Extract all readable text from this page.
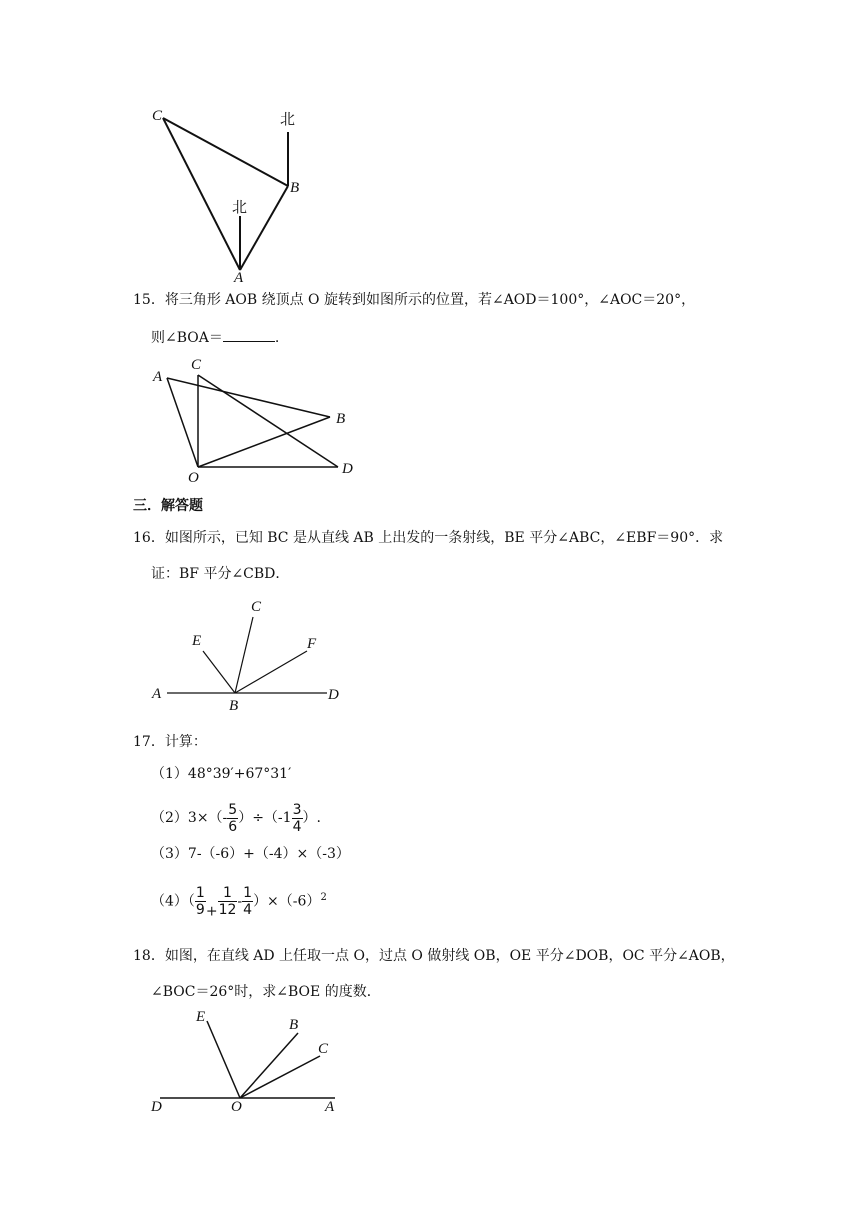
C
B
A
北
北
15．将三角形 AOB 绕顶点 O 旋转到如图所示的位置，若∠AOD＝100°，∠AOC＝20°，
则∠BOA＝	.
A
C
B
O
D
三．解答题
16．如图所示，已知 BC 是从直线 AB 上出发的一条射线，BE 平分∠ABC，∠EBF＝90°．求
证：BF 平分∠CBD．
C
E	F
A
B
D
17．计算：
（1）48°39′+67°31′
$(2)3\times(- \frac{5}{6} )\div(-1 \frac{3}{4}$ ）.
（3）7-（-6）+（-4）×（-3）
$(4)( \frac{1}{9} + \frac{1}{12} - \frac{1}{4} )\times(-6)^2$
18．如图，在直线 AD 上任取一点 O，过点 O 做射线 OB，OE 平分∠DOB，OC 平分∠AOB，
∠BOC＝26°时，求∠BOE 的度数．
E	B
C
D	O	A
